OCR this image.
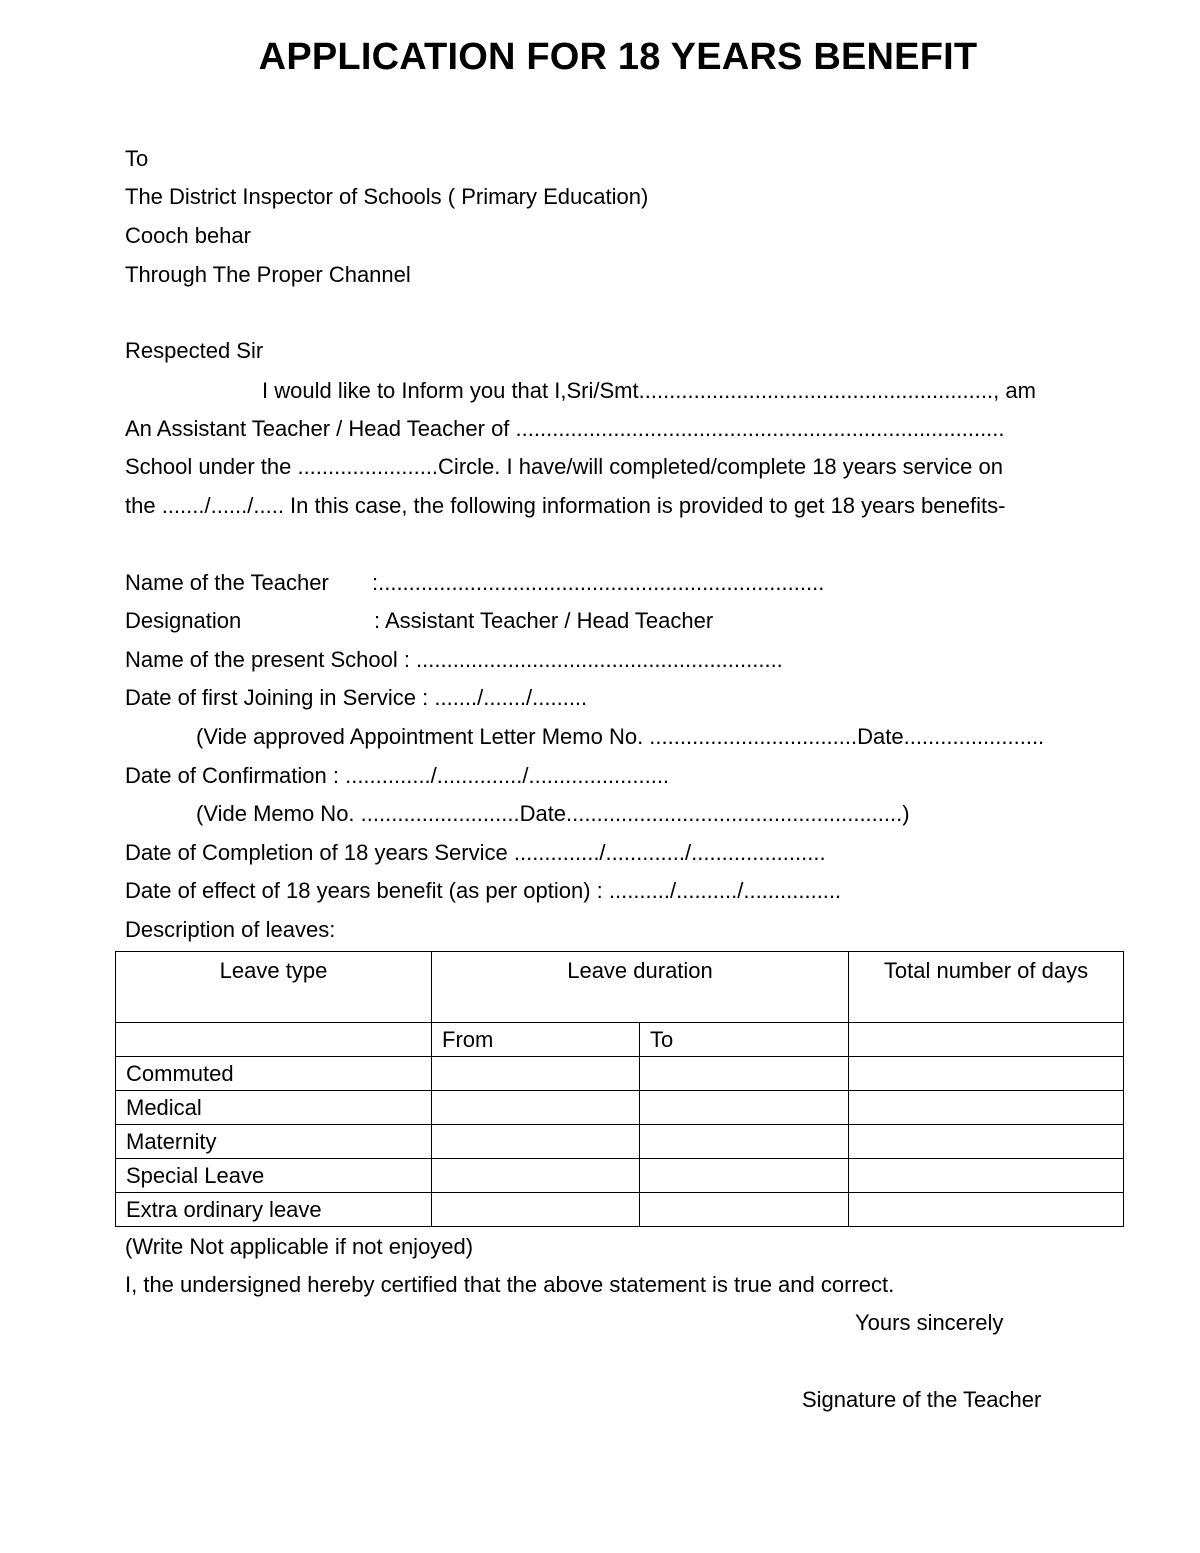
APPLICATION FOR 18 YEARS BENEFIT
To
The District Inspector of Schools ( Primary Education)
Cooch behar
Through The Proper Channel
Respected Sir
I would like to Inform you that I,Sri/Smt.........................................................., am
An Assistant Teacher / Head Teacher of ................................................................................
School under the .......................Circle. I have/will completed/complete 18 years service on
the ......./....../..... In this case, the following information is provided to get 18 years benefits-
Name of the Teacher :.........................................................................
Designation	: Assistant Teacher / Head Teacher
Name of the present School : ............................................................
Date of first Joining in Service : ......./......./.........
(Vide approved Appointment Letter Memo No. ..................................Date.......................
Date of Confirmation : ............../............../.......................
(Vide Memo No. ..........................Date.......................................................)
Date of Completion of 18 years Service ............../............./......................
Date of effect of 18 years benefit (as per option) : ........../........../................
Description of leaves:
Leave type	Leave duration		Total number of days
	From	To	
Commuted			
Medical			
Maternity			
Special Leave			
Extra ordinary leave			
(Write Not applicable if not enjoyed)
I, the undersigned hereby certified that the above statement is true and correct.
Yours sincerely
Signature of the Teacher
